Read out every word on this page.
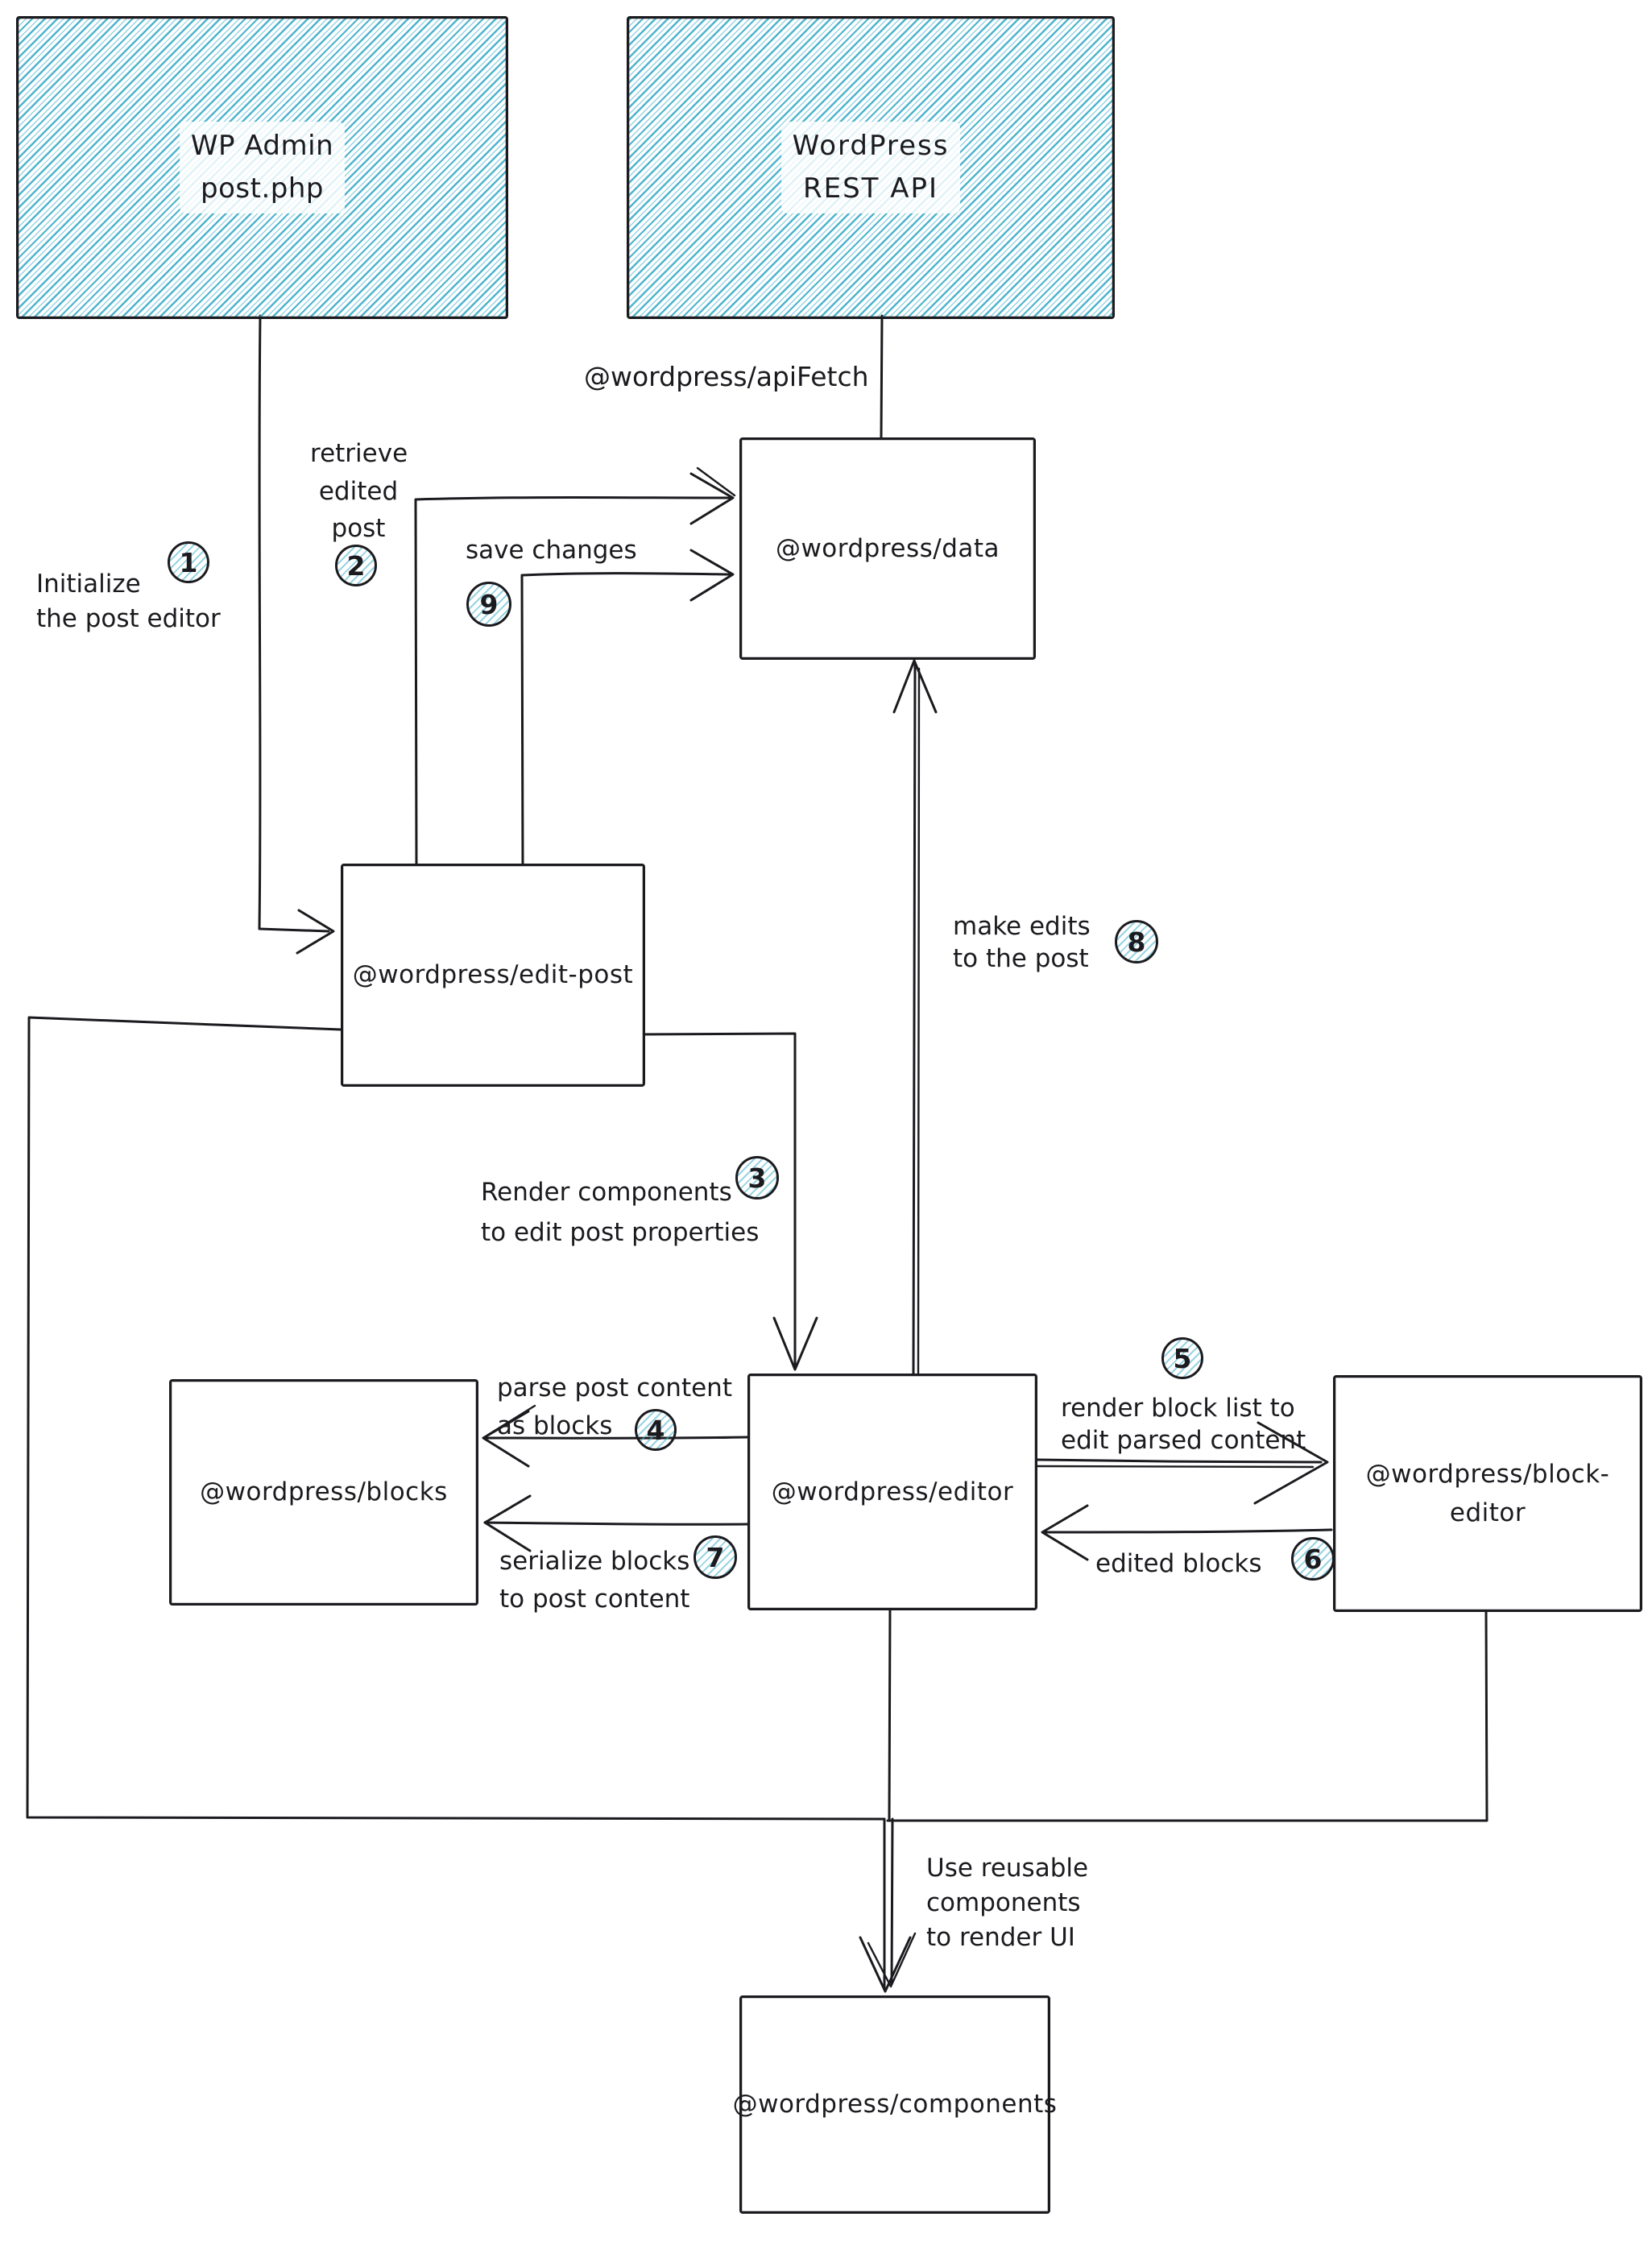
WP Admin
post.php
WordPress
REST API
@wordpress/data
@wordpress/edit-post
@wordpress/blocks	@wordpress/editor
@wordpress/block-editor
@wordpress/components
@wordpress/apiFetch
Initialize
the post editor
1
retrieve
edited
post
2	save changes
9
Render components
to edit post properties
3
parse post content
as blocks	4
render block list to
edit parsed content
5
edited blocks	6
serialize blocks
to post content
7
make edits
to the post
8
Use reusable
components
to render UI
